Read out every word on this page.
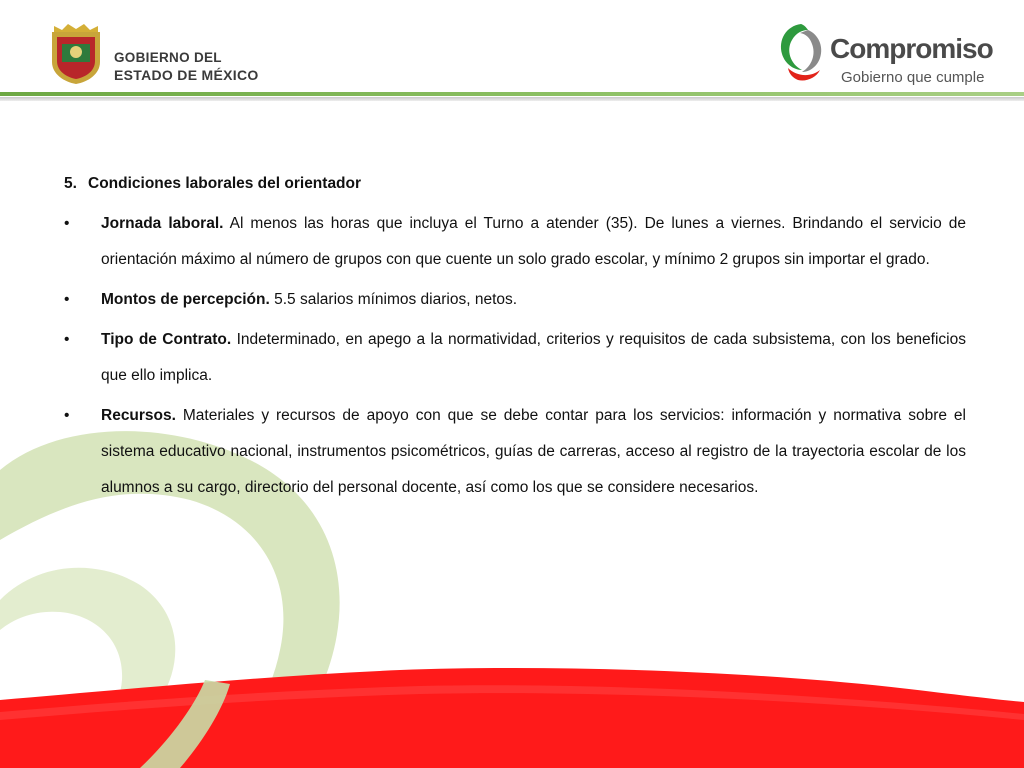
GOBIERNO DEL
ESTADO DE MÉXICO
Compromiso
Gobierno que cumple
5. Condiciones laborales del orientador
• Jornada laboral. Al menos las horas que incluya el Turno a atender (35). De lunes a viernes. Brindando el servicio de orientación máximo al número de grupos con que cuente un solo grado escolar, y mínimo 2 grupos sin importar el grado.
• Montos de percepción. 5.5 salarios mínimos diarios, netos.
• Tipo de Contrato. Indeterminado, en apego a la normatividad, criterios y requisitos de cada subsistema, con los beneficios que ello implica.
• Recursos. Materiales y recursos de apoyo con que se debe contar para los servicios: información y normativa sobre el sistema educativo nacional, instrumentos psicométricos, guías de carreras, acceso al registro de la trayectoria escolar de los alumnos a su cargo, directorio del personal docente, así como los que se considere necesarios.
